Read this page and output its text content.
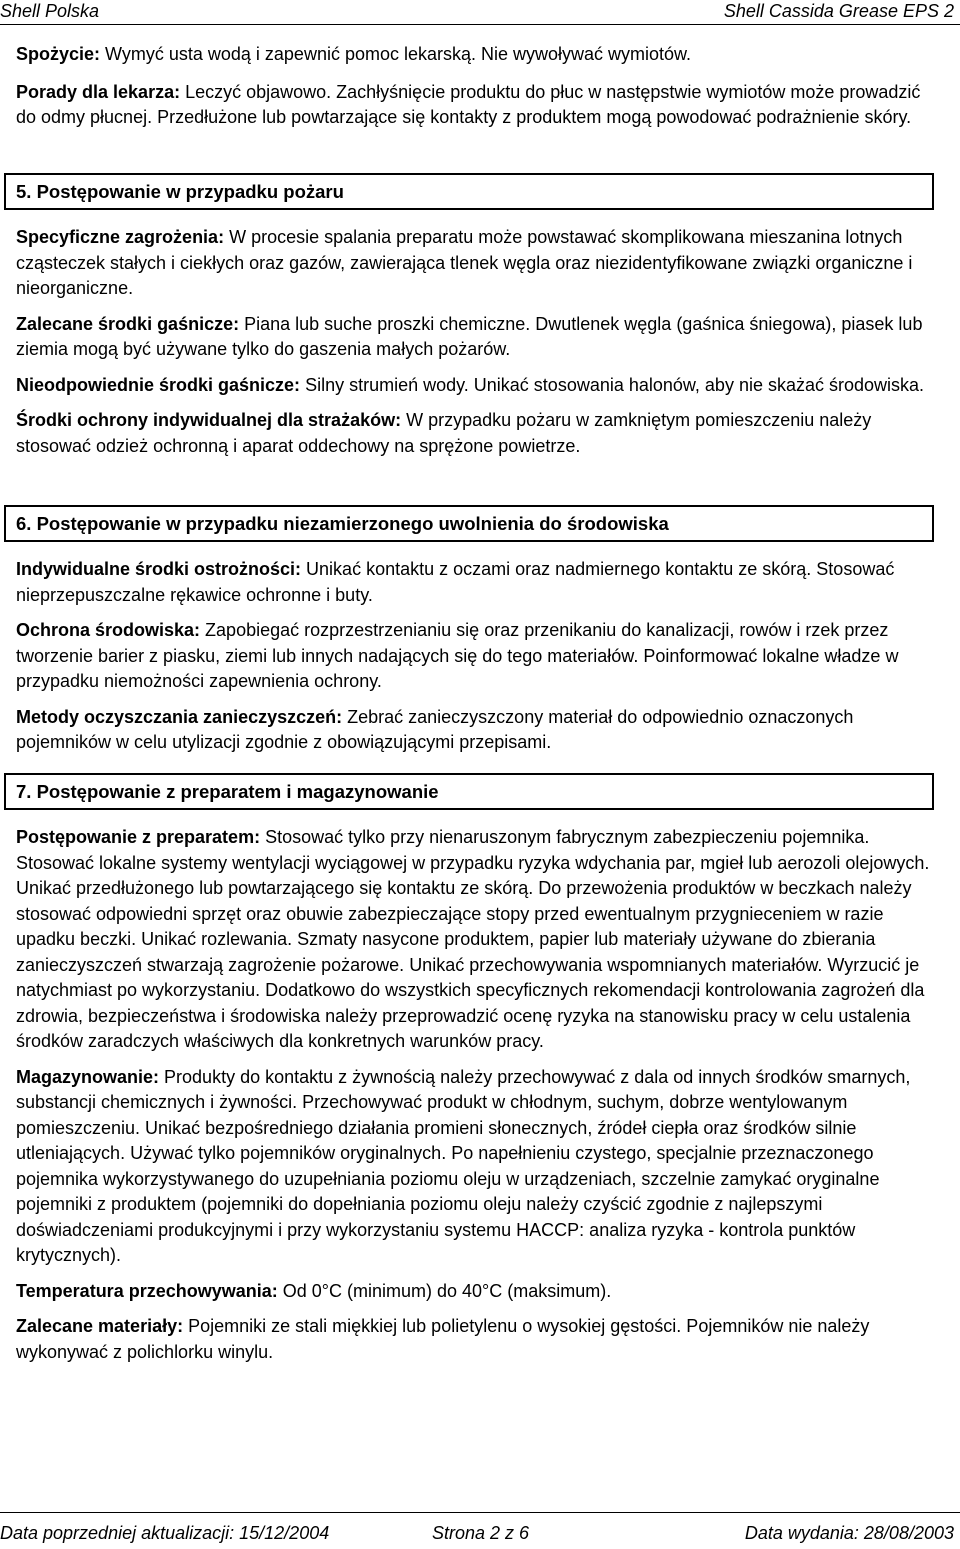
Shell Polska	Shell Cassida Grease EPS 2

Spożycie: Wymyć usta wodą i zapewnić pomoc lekarską. Nie wywoływać wymiotów.

Porady dla lekarza: Leczyć objawowo. Zachłyśnięcie produktu do płuc w następstwie wymiotów może prowadzić do odmy płucnej. Przedłużone lub powtarzające się kontakty z produktem mogą powodować podrażnienie skóry.

5. Postępowanie w przypadku pożaru

Specyficzne zagrożenia: W procesie spalania preparatu może powstawać skomplikowana mieszanina lotnych cząsteczek stałych i ciekłych oraz gazów, zawierająca tlenek węgla oraz niezidentyfikowane związki organiczne i nieorganiczne.

Zalecane środki gaśnicze: Piana lub suche proszki chemiczne. Dwutlenek węgla (gaśnica śniegowa), piasek lub ziemia mogą być używane tylko do gaszenia małych pożarów.

Nieodpowiednie środki gaśnicze: Silny strumień wody. Unikać stosowania halonów, aby nie skażać środowiska.

Środki ochrony indywidualnej dla strażaków: W przypadku pożaru w zamkniętym pomieszczeniu należy stosować odzież ochronną i aparat oddechowy na sprężone powietrze.

6. Postępowanie w przypadku niezamierzonego uwolnienia do środowiska

Indywidualne środki ostrożności: Unikać kontaktu z oczami oraz nadmiernego kontaktu ze skórą. Stosować nieprzepuszczalne rękawice ochronne i buty.

Ochrona środowiska: Zapobiegać rozprzestrzenianiu się oraz przenikaniu do kanalizacji, rowów i rzek przez tworzenie barier z piasku, ziemi lub innych nadających się do tego materiałów. Poinformować lokalne władze w przypadku niemożności zapewnienia ochrony.

Metody oczyszczania zanieczyszczeń: Zebrać zanieczyszczony materiał do odpowiednio oznaczonych pojemników w celu utylizacji zgodnie z obowiązującymi przepisami.

7. Postępowanie z preparatem i magazynowanie

Postępowanie z preparatem: Stosować tylko przy nienaruszonym fabrycznym zabezpieczeniu pojemnika. Stosować lokalne systemy wentylacji wyciągowej w przypadku ryzyka wdychania par, mgieł lub aerozoli olejowych. Unikać przedłużonego lub powtarzającego się kontaktu ze skórą. Do przewożenia produktów w beczkach należy stosować odpowiedni sprzęt oraz obuwie zabezpieczające stopy przed ewentualnym przygnieceniem w razie upadku beczki. Unikać rozlewania. Szmaty nasycone produktem, papier lub materiały używane do zbierania zanieczyszczeń stwarzają zagrożenie pożarowe. Unikać przechowywania wspomnianych materiałów. Wyrzucić je natychmiast po wykorzystaniu. Dodatkowo do wszystkich specyficznych rekomendacji kontrolowania zagrożeń dla zdrowia, bezpieczeństwa i środowiska należy przeprowadzić ocenę ryzyka na stanowisku pracy w celu ustalenia środków zaradczych właściwych dla konkretnych warunków pracy.

Magazynowanie: Produkty do kontaktu z żywnością należy przechowywać z dala od innych środków smarnych, substancji chemicznych i żywności. Przechowywać produkt w chłodnym, suchym, dobrze wentylowanym pomieszczeniu. Unikać bezpośredniego działania promieni słonecznych, źródeł ciepła oraz środków silnie utleniających. Używać tylko pojemników oryginalnych. Po napełnieniu czystego, specjalnie przeznaczonego pojemnika wykorzystywanego do uzupełniania poziomu oleju w urządzeniach, szczelnie zamykać oryginalne pojemniki z produktem (pojemniki do dopełniania poziomu oleju należy czyścić zgodnie z najlepszymi doświadczeniami produkcyjnymi i przy wykorzystaniu systemu HACCP: analiza ryzyka - kontrola punktów krytycznych).

Temperatura przechowywania: Od 0°C (minimum) do 40°C (maksimum).

Zalecane materiały: Pojemniki ze stali miękkiej lub polietylenu o wysokiej gęstości. Pojemników nie należy wykonywać z polichlorku winylu.

Data poprzedniej aktualizacji: 15/12/2004	Strona 2 z 6	Data wydania: 28/08/2003
